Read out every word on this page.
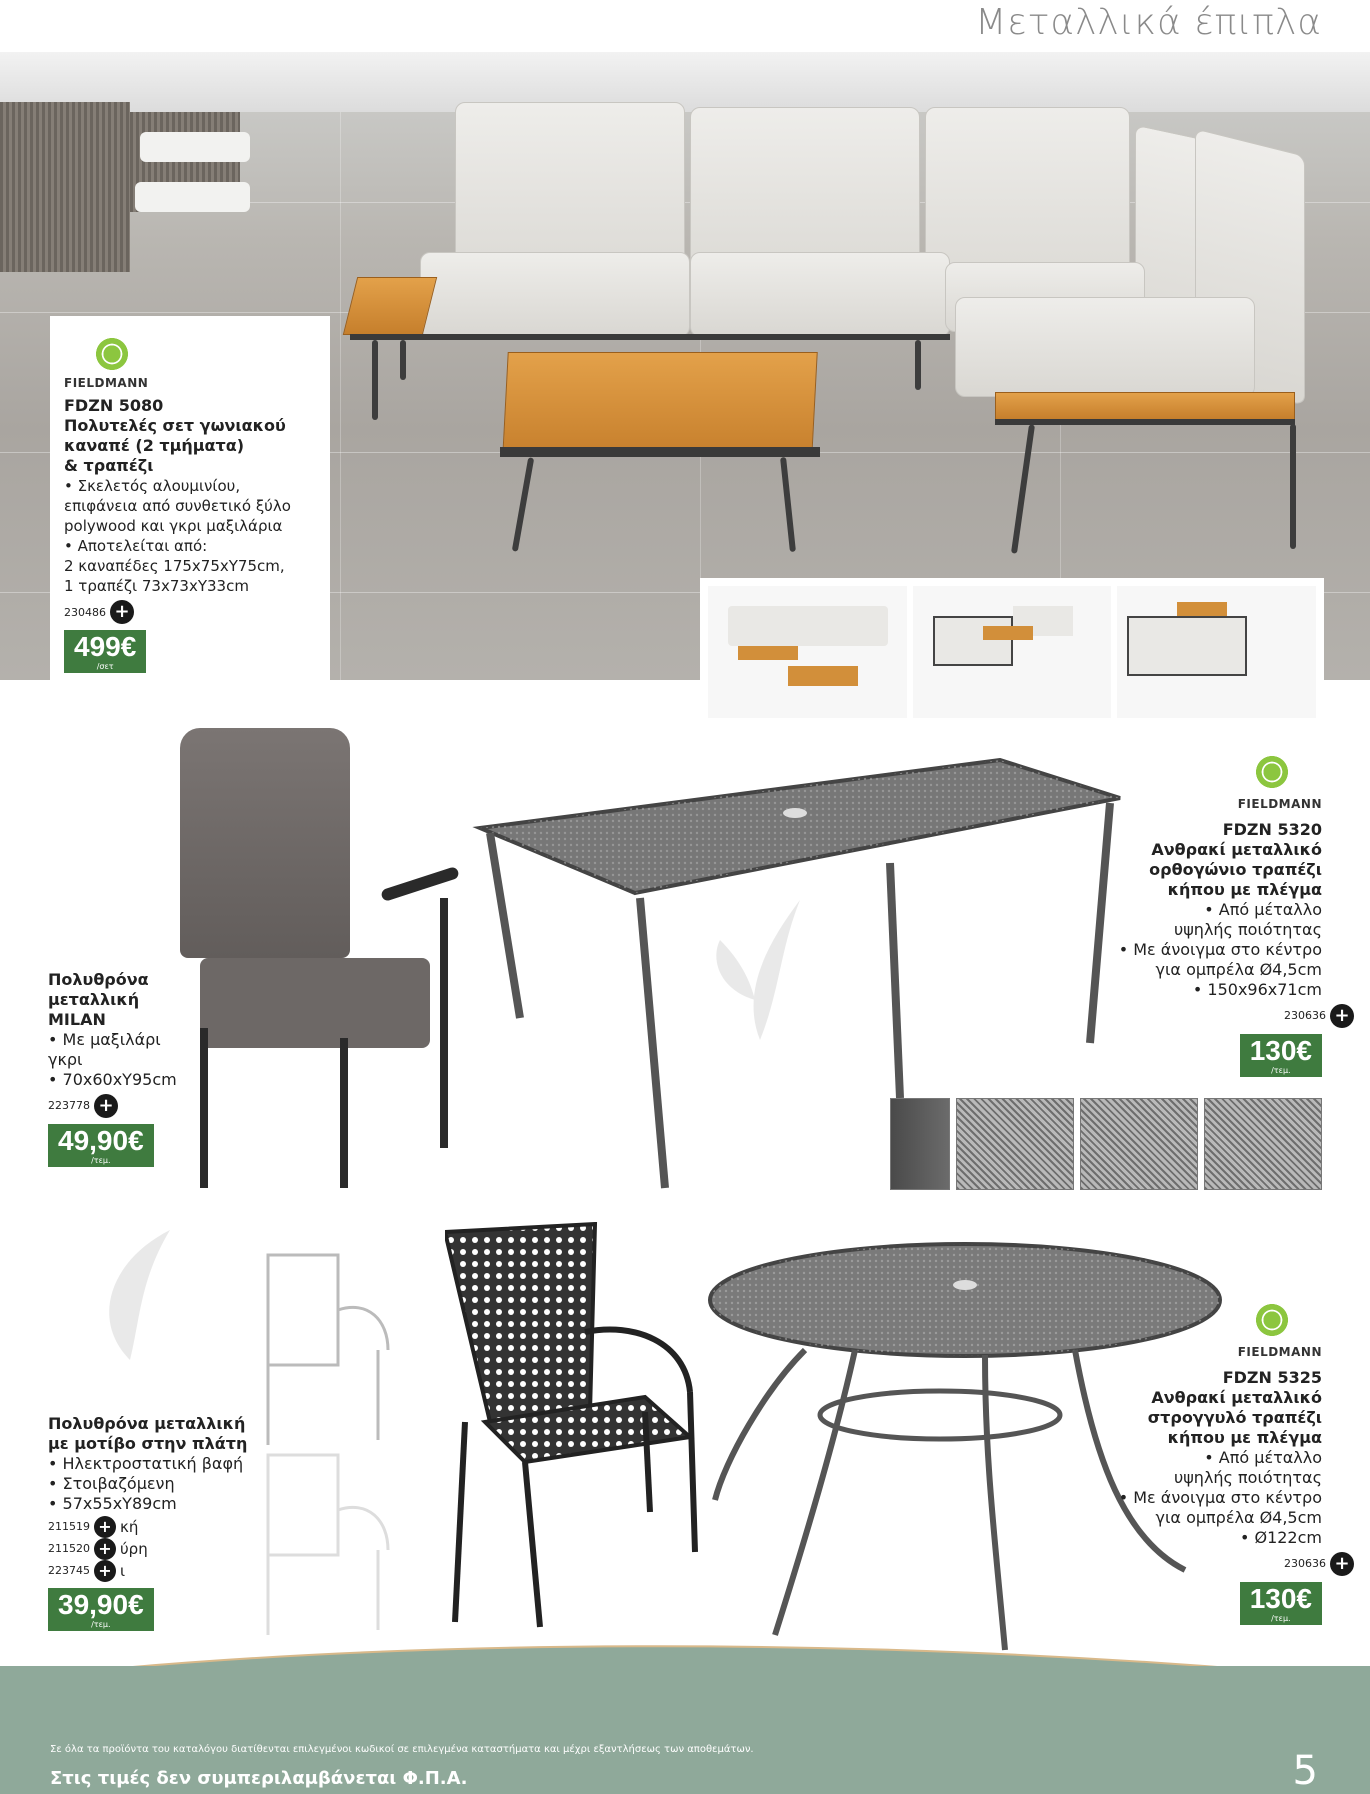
Μεταλλικά έπιπλα
FIELDMANN
FDZN 5080
Πολυτελές σετ γωνιακού
καναπέ (2 τμήματα)
& τραπέζι
• Σκελετός αλουμινίου,
επιφάνεια από συνθετικό ξύλο
polywood και γκρι μαξιλάρια
• Αποτελείται από:
2 καναπέδες 175x75xY75cm,
1 τραπέζι 73x73xY33cm
230486 +
499€
/σετ
Πολυθρόνα
μεταλλική
MILAN
• Με μαξιλάρι
γκρι
• 70x60xY95cm
223778 +
49,90€
/τεμ.
FIELDMANN
FDZN 5320
Ανθρακί μεταλλικό
ορθογώνιο τραπέζι
κήπου με πλέγμα
• Από μέταλλο
υψηλής ποιότητας
• Με άνοιγμα στο κέντρο
για ομπρέλα Ø4,5cm
• 150x96x71cm
230636 +
130€
/τεμ.
Πολυθρόνα μεταλλική
με μοτίβο στην πλάτη
• Ηλεκτροστατική βαφή
• Στοιβαζόμενη
• 57x55xY89cm
211519 + κή
211520 + ύρη
223745 + ι
39,90€
/τεμ.
FIELDMANN
FDZN 5325
Ανθρακί μεταλλικό
στρογγυλό τραπέζι
κήπου με πλέγμα
• Από μέταλλο
υψηλής ποιότητας
• Με άνοιγμα στο κέντρο
για ομπρέλα Ø4,5cm
• Ø122cm
230636 +
130€
/τεμ.
Σε όλα τα προϊόντα του καταλόγου διατίθενται επιλεγμένοι κωδικοί σε επιλεγμένα καταστήματα και μέχρι εξαντλήσεως των αποθεμάτων.
Στις τιμές δεν συμπεριλαμβάνεται Φ.Π.Α.	5
